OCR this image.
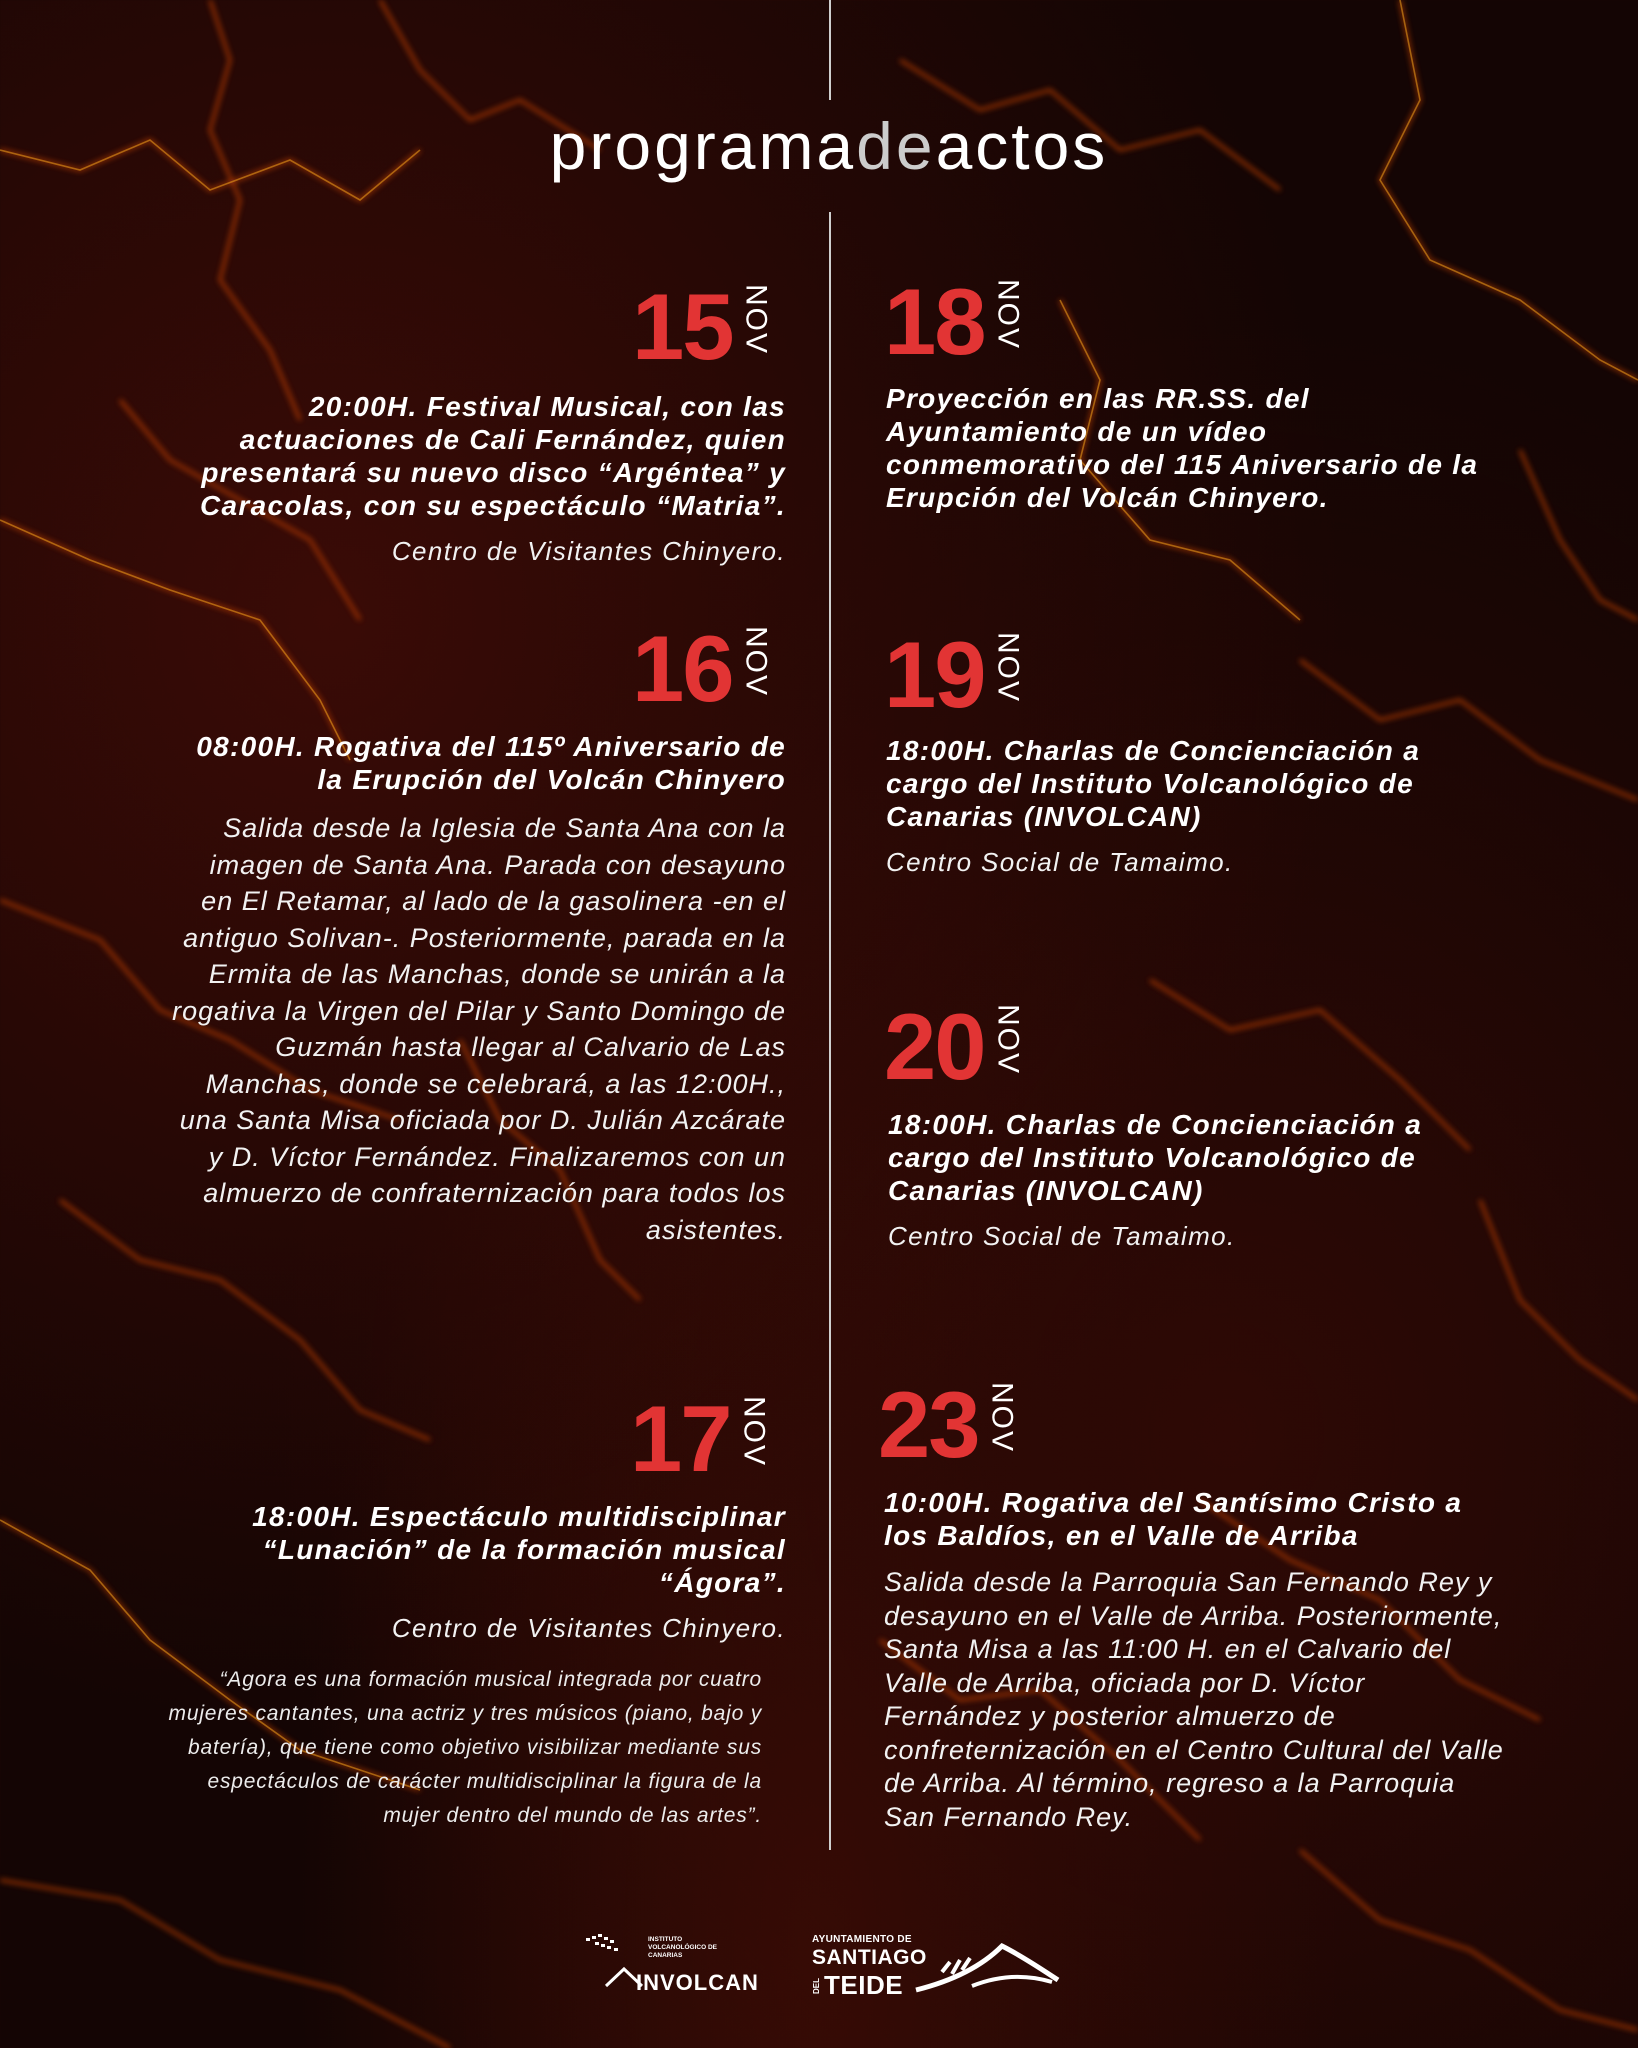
programadeactos
15 NOV
20:00H. Festival Musical, con las actuaciones de Cali Fernández, quien presentará su nuevo disco “Argéntea” y Caracolas, con su espectáculo “Matria”.
Centro de Visitantes Chinyero.
18 NOV
Proyección en las RR.SS. del Ayuntamiento de un vídeo conmemorativo del 115 Aniversario de la Erupción del Volcán Chinyero.
16 NOV
08:00H. Rogativa del 115º Aniversario de la Erupción del Volcán Chinyero
Salida desde la Iglesia de Santa Ana con la imagen de Santa Ana. Parada con desayuno en El Retamar, al lado de la gasolinera -en el antiguo Solivan-. Posteriormente, parada en la Ermita de las Manchas, donde se unirán a la rogativa la Virgen del Pilar y Santo Domingo de Guzmán hasta llegar al Calvario de Las Manchas, donde se celebrará, a las 12:00H., una Santa Misa oficiada por D. Julián Azcárate y D. Víctor Fernández. Finalizaremos con un almuerzo de confraternización para todos los asistentes.
19 NOV
18:00H. Charlas de Concienciación a cargo del Instituto Volcanológico de Canarias (INVOLCAN)
Centro Social de Tamaimo.
20 NOV
18:00H. Charlas de Concienciación a cargo del Instituto Volcanológico de Canarias (INVOLCAN)
Centro Social de Tamaimo.
17 NOV
18:00H. Espectáculo multidisciplinar “Lunación” de la formación musical “Ágora”.
Centro de Visitantes Chinyero.
“Agora es una formación musical integrada por cuatro mujeres cantantes, una actriz y tres músicos (piano, bajo y batería), que tiene como objetivo visibilizar mediante sus espectáculos de carácter multidisciplinar la figura de la mujer dentro del mundo de las artes”.
23 NOV
10:00H. Rogativa del Santísimo Cristo a los Baldíos, en el Valle de Arriba
Salida desde la Parroquia San Fernando Rey y desayuno en el Valle de Arriba. Posteriormente, Santa Misa a las 11:00 H. en el Calvario del Valle de Arriba, oficiada por D. Víctor Fernández y posterior almuerzo de confreternización en el Centro Cultural del Valle de Arriba. Al término, regreso a la Parroquia San Fernando Rey.
INSTITUTO VOLCANOLÓGICO DE CANARIAS
INVOLCAN
AYUNTAMIENTO DE
SANTIAGO
DEL TEIDE
